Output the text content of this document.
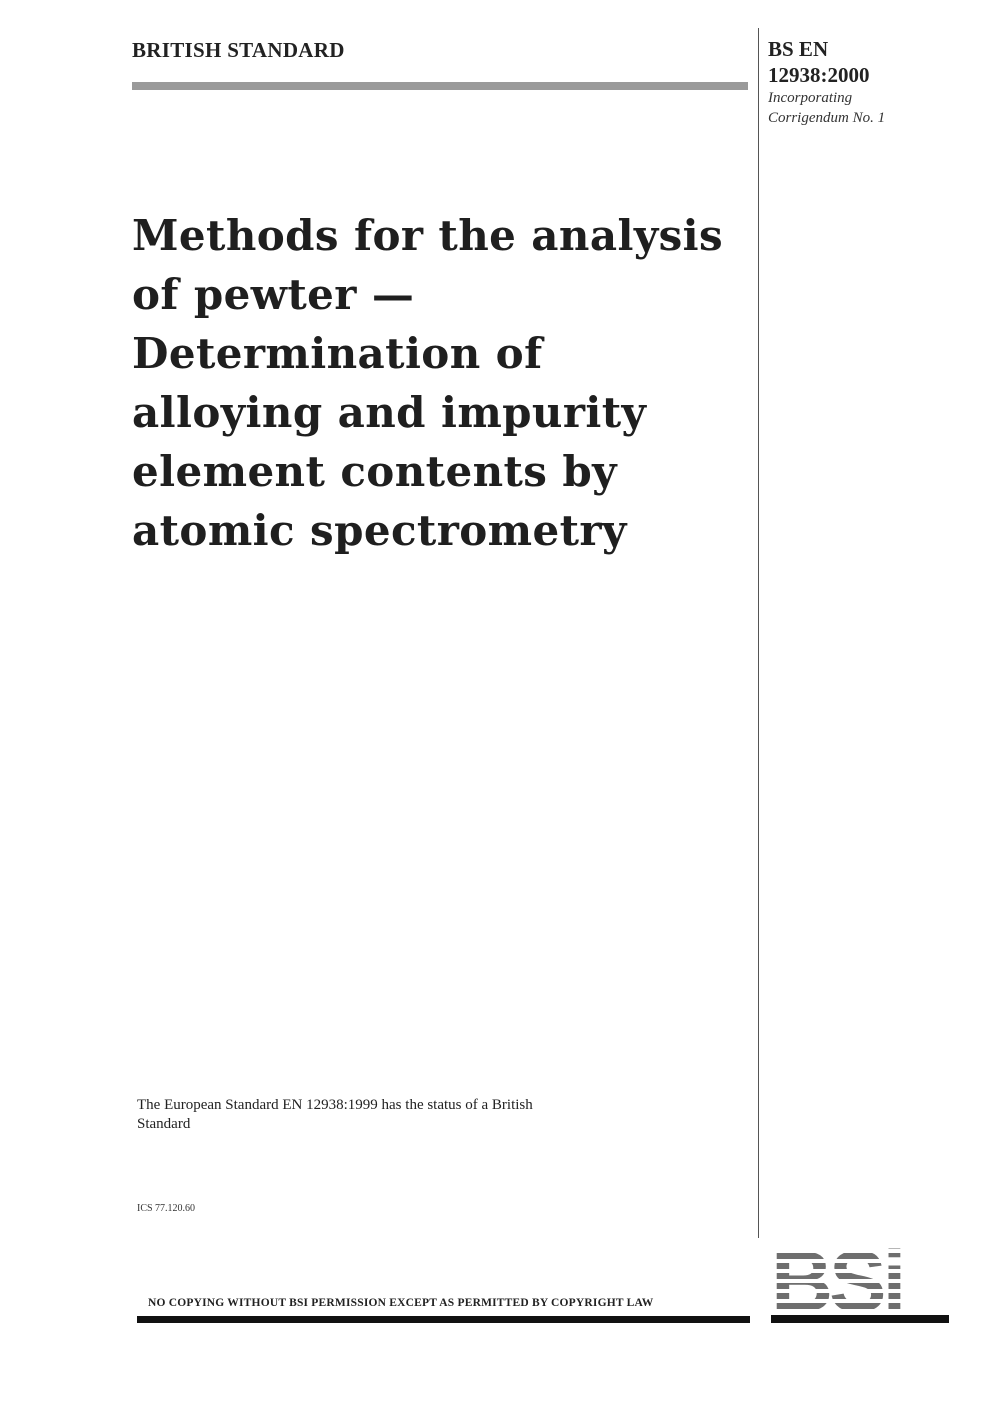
BRITISH STANDARD	BS EN
12938:2000
Incorporating
Corrigendum No. 1
Methods for the analysis of pewter — Determination of alloying and impurity element contents by atomic spectrometry
The European Standard EN 12938:1999 has the status of a British Standard
ICS 77.120.60
NO COPYING WITHOUT BSI PERMISSION EXCEPT AS PERMITTED BY COPYRIGHT LAW
